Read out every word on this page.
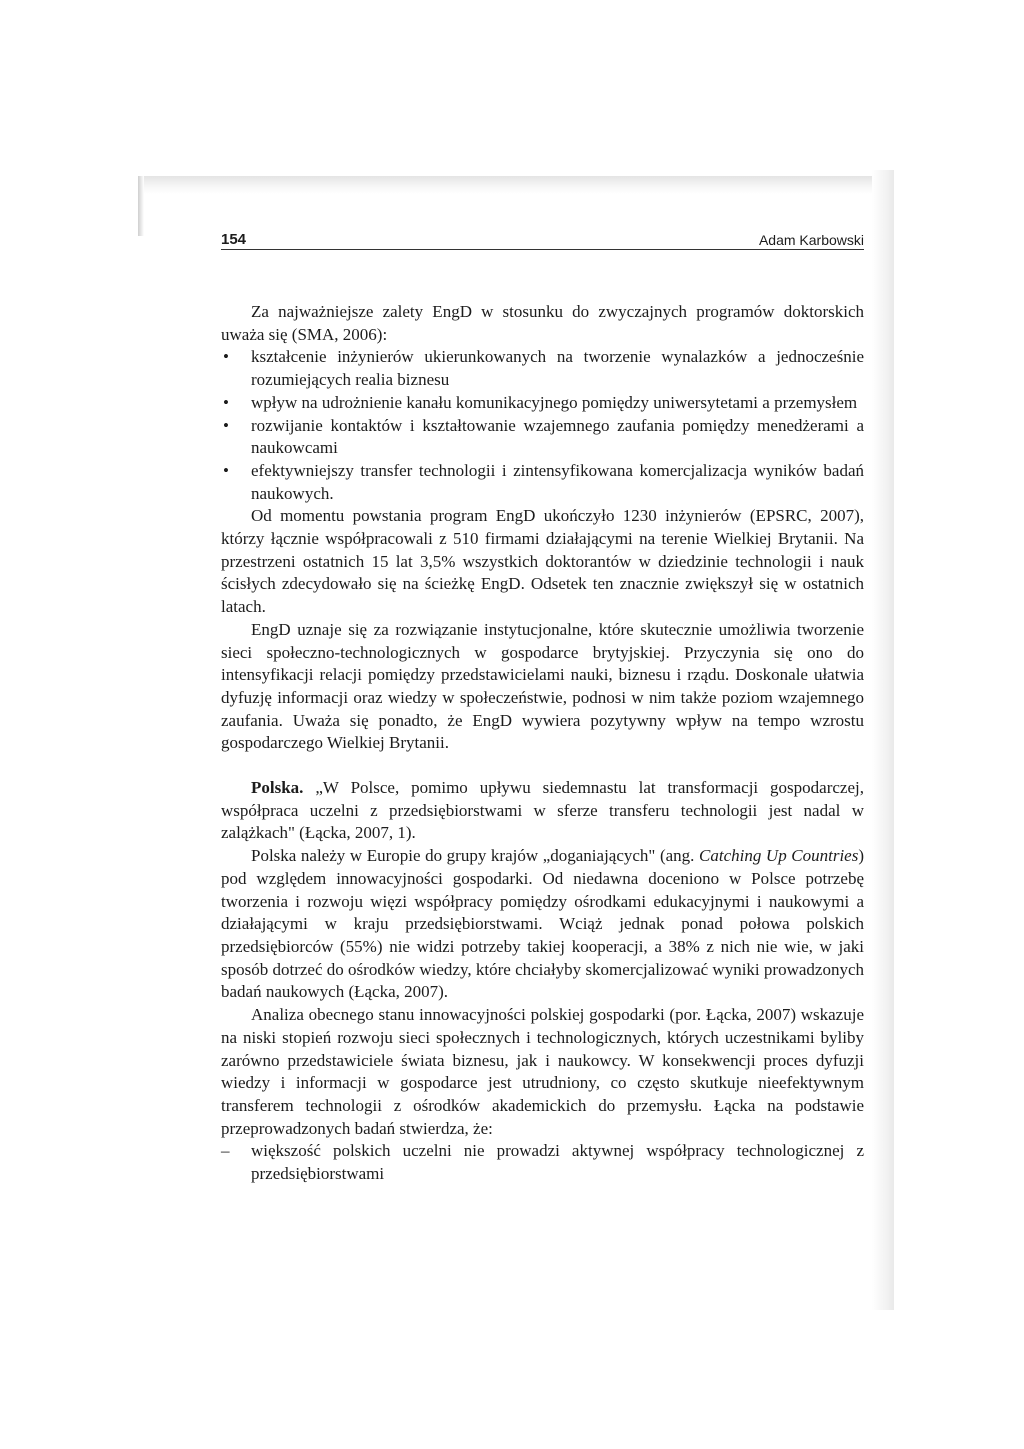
154	Adam Karbowski

Za najważniejsze zalety EngD w stosunku do zwyczajnych programów doktorskich uważa się (SMA, 2006):

• kształcenie inżynierów ukierunkowanych na tworzenie wynalazków a jednocześnie rozumiejących realia biznesu
• wpływ na udrożnienie kanału komunikacyjnego pomiędzy uniwersytetami a przemysłem
• rozwijanie kontaktów i kształtowanie wzajemnego zaufania pomiędzy menedżerami a naukowcami
• efektywniejszy transfer technologii i zintensyfikowana komercjalizacja wyników badań naukowych.

Od momentu powstania program EngD ukończyło 1230 inżynierów (EPSRC, 2007), którzy łącznie współpracowali z 510 firmami działającymi na terenie Wielkiej Brytanii. Na przestrzeni ostatnich 15 lat 3,5% wszystkich doktorantów w dziedzinie technologii i nauk ścisłych zdecydowało się na ścieżkę EngD. Odsetek ten znacznie zwiększył się w ostatnich latach.

EngD uznaje się za rozwiązanie instytucjonalne, które skutecznie umożliwia tworzenie sieci społeczno-technologicznych w gospodarce brytyjskiej. Przyczynia się ono do intensyfikacji relacji pomiędzy przedstawicielami nauki, biznesu i rządu. Doskonale ułatwia dyfuzję informacji oraz wiedzy w społeczeństwie, podnosi w nim także poziom wzajemnego zaufania. Uważa się ponadto, że EngD wywiera pozytywny wpływ na tempo wzrostu gospodarczego Wielkiej Brytanii.

Polska. „W Polsce, pomimo upływu siedemnastu lat transformacji gospodarczej, współpraca uczelni z przedsiębiorstwami w sferze transferu technologii jest nadal w zalążkach" (Łącka, 2007, 1).

Polska należy w Europie do grupy krajów „doganiających" (ang. Catching Up Countries) pod względem innowacyjności gospodarki. Od niedawna doceniono w Polsce potrzebę tworzenia i rozwoju więzi współpracy pomiędzy ośrodkami edukacyjnymi i naukowymi a działającymi w kraju przedsiębiorstwami. Wciąż jednak ponad połowa polskich przedsiębiorców (55%) nie widzi potrzeby takiej kooperacji, a 38% z nich nie wie, w jaki sposób dotrzeć do ośrodków wiedzy, które chciałyby skomercjalizować wyniki prowadzonych badań naukowych (Łącka, 2007).

Analiza obecnego stanu innowacyjności polskiej gospodarki (por. Łącka, 2007) wskazuje na niski stopień rozwoju sieci społecznych i technologicznych, których uczestnikami byliby zarówno przedstawiciele świata biznesu, jak i naukowcy. W konsekwencji proces dyfuzji wiedzy i informacji w gospodarce jest utrudniony, co często skutkuje nieefektywnym transferem technologii z ośrodków akademickich do przemysłu. Łącka na podstawie przeprowadzonych badań stwierdza, że:

– większość polskich uczelni nie prowadzi aktywnej współpracy technologicznej z przedsiębiorstwami
